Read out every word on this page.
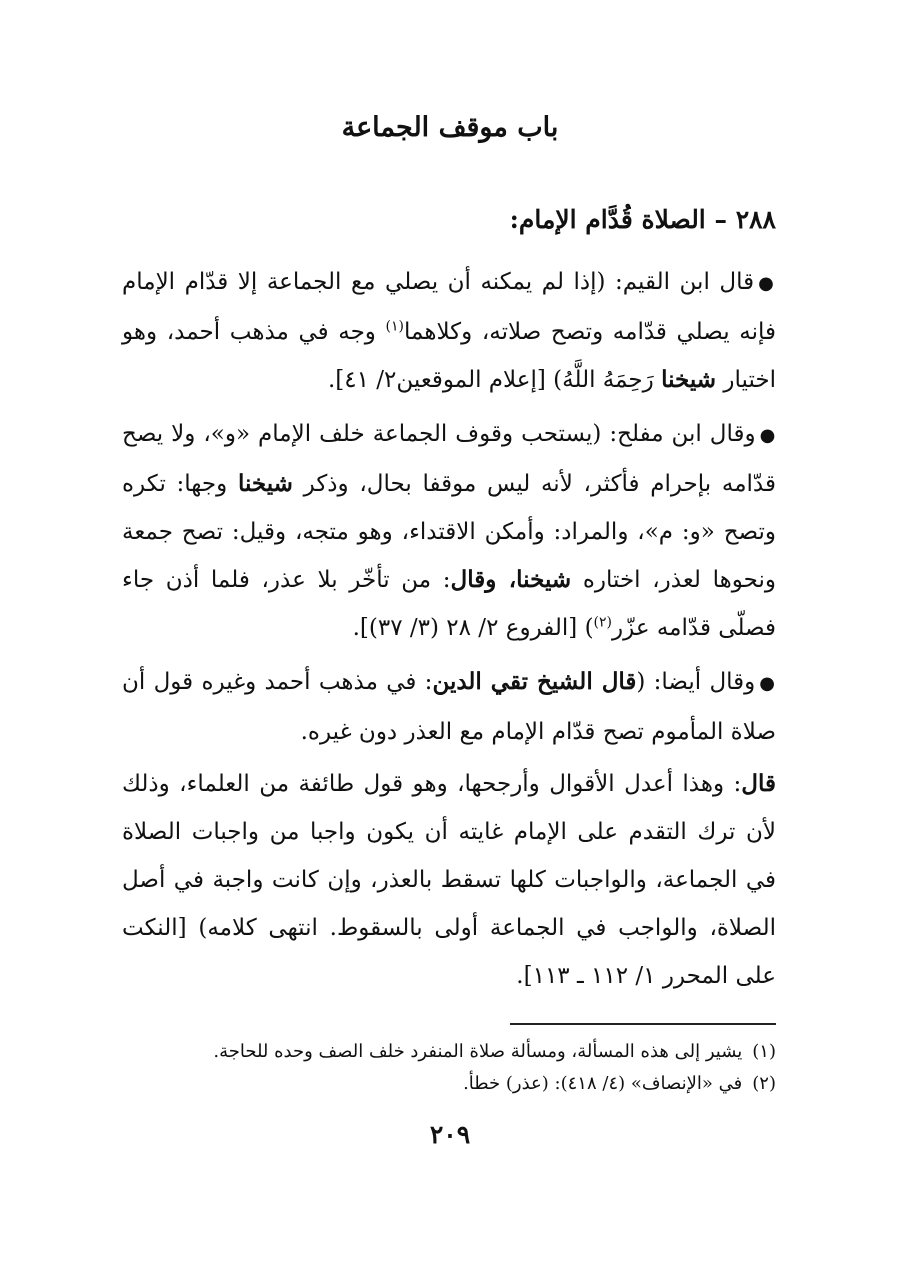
باب موقف الجماعة
٢٨٨ – الصلاة قُدَّام الإمام:

●قال ابن القيم: (إذا لم يمكنه أن يصلي مع الجماعة إلا قدّام الإمام فإنه يصلي قدّامه وتصح صلاته، وكلاهما$^{(١)}$ وجه في مذهب أحمد، وهو اختيار شيخنا رَحِمَهُ اللَّهُ) [إعلام الموقعين٢/ ٤١].

●وقال ابن مفلح: (يستحب وقوف الجماعة خلف الإمام «و»، ولا يصح قدّامه بإحرام فأكثر، لأنه ليس موقفا بحال، وذكر شيخنا وجها: تكره وتصح «و: م»، والمراد: وأمكن الاقتداء، وهو متجه، وقيل: تصح جمعة ونحوها لعذر، اختاره شيخنا، وقال: من تأخّر بلا عذر، فلما أذن جاء فصلّى قدّامه عزّر$^{(٢)}$) [الفروع ٢/ ٢٨ (٣/ ٣٧)].

●وقال أيضا: (قال الشيخ تقي الدين: في مذهب أحمد وغيره قول أن صلاة المأموم تصح قدّام الإمام مع العذر دون غيره.

قال: وهذا أعدل الأقوال وأرجحها، وهو قول طائفة من العلماء، وذلك لأن ترك التقدم على الإمام غايته أن يكون واجبا من واجبات الصلاة في الجماعة، والواجبات كلها تسقط بالعذر، وإن كانت واجبة في أصل الصلاة، والواجب في الجماعة أولى بالسقوط. انتهى كلامه) [النكت على المحرر ١/ ١١٢ ـ ١١٣].

(١)يشير إلى هذه المسألة، ومسألة صلاة المنفرد خلف الصف وحده للحاجة.
(٢)في «الإنصاف» (٤/ ٤١٨): (عذر) خطأ.
٢٠٩
